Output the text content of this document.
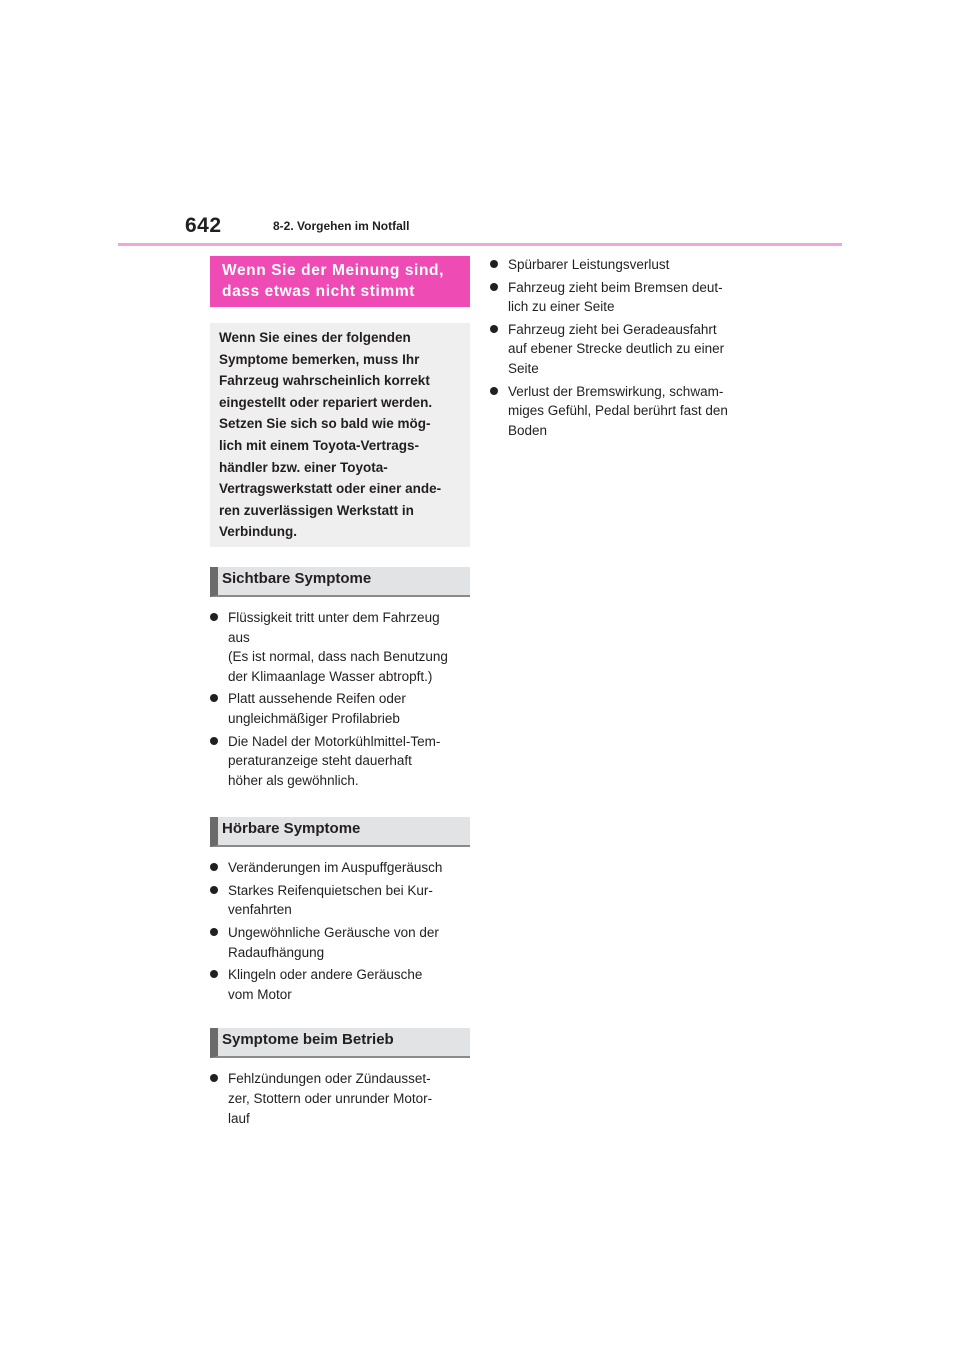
642	8-2. Vorgehen im Notfall
Wenn Sie der Meinung sind,
dass etwas nicht stimmt
Wenn Sie eines der folgenden
Symptome bemerken, muss Ihr
Fahrzeug wahrscheinlich korrekt
eingestellt oder repariert werden.
Setzen Sie sich so bald wie mög-
lich mit einem Toyota-Vertrags-
händler bzw. einer Toyota-
Vertragswerkstatt oder einer ande-
ren zuverlässigen Werkstatt in
Verbindung.
Sichtbare Symptome
Flüssigkeit tritt unter dem Fahrzeug
aus
(Es ist normal, dass nach Benutzung
der Klimaanlage Wasser abtropft.)
Platt aussehende Reifen oder
ungleichmäßiger Profilabrieb
Die Nadel der Motorkühlmittel-Tem-
peraturanzeige steht dauerhaft
höher als gewöhnlich.
Hörbare Symptome
Veränderungen im Auspuffgeräusch
Starkes Reifenquietschen bei Kur-
venfahrten
Ungewöhnliche Geräusche von der
Radaufhängung
Klingeln oder andere Geräusche
vom Motor
Symptome beim Betrieb
Fehlzündungen oder Zündausset-
zer, Stottern oder unrunder Motor-
lauf
Spürbarer Leistungsverlust
Fahrzeug zieht beim Bremsen deut-
lich zu einer Seite
Fahrzeug zieht bei Geradeausfahrt
auf ebener Strecke deutlich zu einer
Seite
Verlust der Bremswirkung, schwam-
miges Gefühl, Pedal berührt fast den
Boden
